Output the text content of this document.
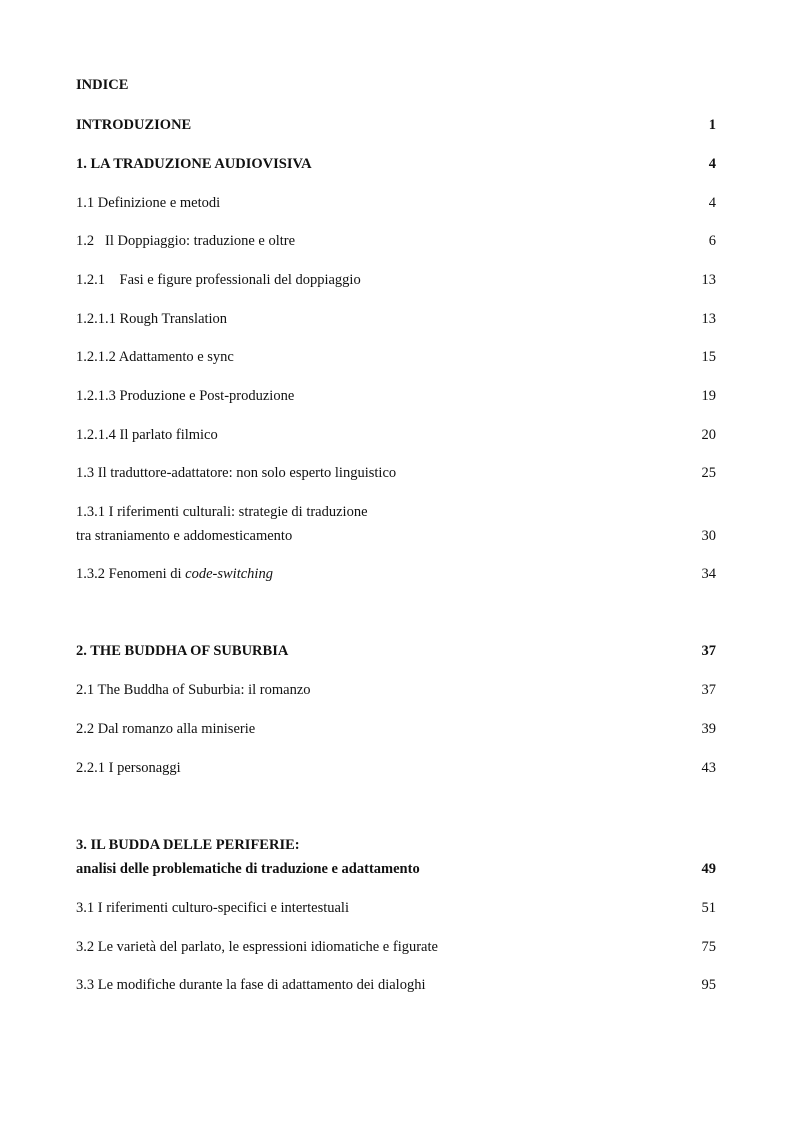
INDICE
INTRODUZIONE	1
1. LA TRADUZIONE AUDIOVISIVA	4
1.1 Definizione e metodi	4
1.2   Il Doppiaggio: traduzione e oltre	6
1.2.1    Fasi e figure professionali del doppiaggio	13
1.2.1.1 Rough Translation	13
1.2.1.2 Adattamento e sync	15
1.2.1.3 Produzione e Post-produzione	19
1.2.1.4 Il parlato filmico	20
1.3 Il traduttore-adattatore: non solo esperto linguistico	25
1.3.1 I riferimenti culturali: strategie di traduzione
tra straniamento e addomesticamento	30
1.3.2 Fenomeni di code-switching	34
2. THE BUDDHA OF SUBURBIA	37
2.1 The Buddha of Suburbia: il romanzo	37
2.2 Dal romanzo alla miniserie	39
2.2.1 I personaggi	43
3. IL BUDDA DELLE PERIFERIE:
analisi delle problematiche di traduzione e adattamento	49
3.1 I riferimenti culturo-specifici e intertestuali	51
3.2 Le varietà del parlato, le espressioni idiomatiche e figurate	75
3.3 Le modifiche durante la fase di adattamento dei dialoghi	95
